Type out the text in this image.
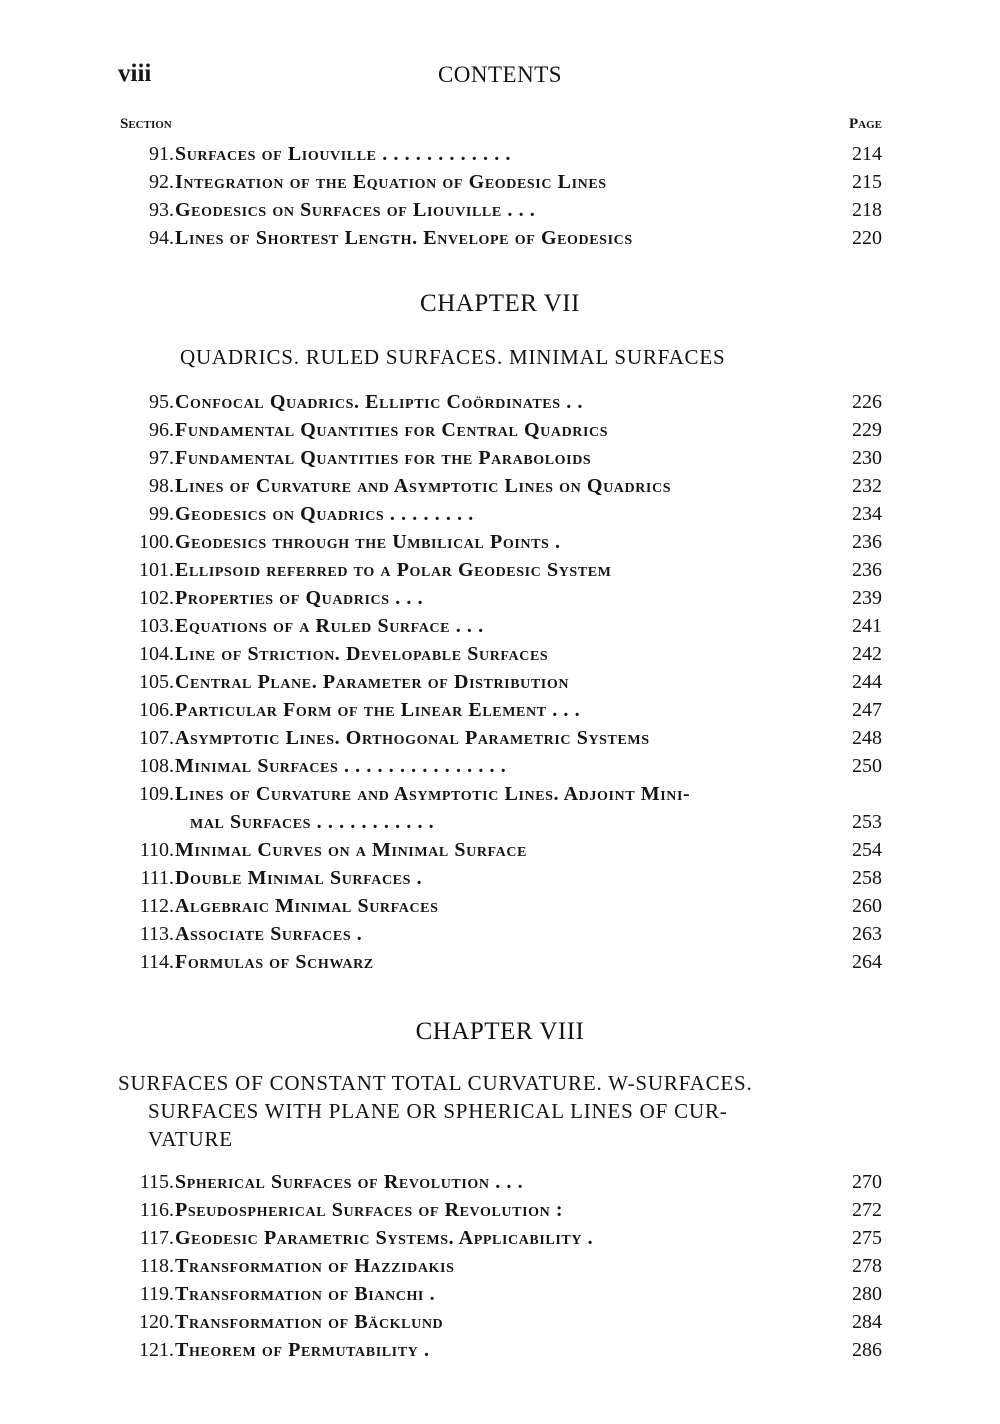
viii	CONTENTS
Section	Page
91. Surfaces of Liouville . . . . . . . . . . . .	214
92. Integration of the Equation of Geodesic Lines	215
93. Geodesics on Surfaces of Liouville . . .	218
94. Lines of Shortest Length. Envelope of Geodesics	220
CHAPTER VII
QUADRICS. RULED SURFACES. MINIMAL SURFACES
95. Confocal Quadrics. Elliptic Coördinates . .	226
96. Fundamental Quantities for Central Quadrics	229
97. Fundamental Quantities for the Paraboloids	230
98. Lines of Curvature and Asymptotic Lines on Quadrics	232
99. Geodesics on Quadrics . . . . . . . .	234
100. Geodesics through the Umbilical Points .	236
101. Ellipsoid referred to a Polar Geodesic System	236
102. Properties of Quadrics . . .	239
103. Equations of a Ruled Surface . . .	241
104. Line of Striction. Developable Surfaces	242
105. Central Plane. Parameter of Distribution	244
106. Particular Form of the Linear Element . . .	247
107. Asymptotic Lines. Orthogonal Parametric Systems	248
108. Minimal Surfaces . . . . . . . . . . . . . . .	250
109. Lines of Curvature and Asymptotic Lines. Adjoint Mini-
mal Surfaces . . . . . . . . . . .	253
110. Minimal Curves on a Minimal Surface	254
111. Double Minimal Surfaces .	258
112. Algebraic Minimal Surfaces	260
113. Associate Surfaces .	263
114. Formulas of Schwarz	264
CHAPTER VIII
SURFACES OF CONSTANT TOTAL CURVATURE. W-SURFACES.
SURFACES WITH PLANE OR SPHERICAL LINES OF CUR-
VATURE
115. Spherical Surfaces of Revolution . . .	270
116. Pseudospherical Surfaces of Revolution :	272
117. Geodesic Parametric Systems. Applicability .	275
118. Transformation of Hazzidakis	278
119. Transformation of Bianchi .	280
120. Transformation of Bäcklund	284
121. Theorem of Permutability .	286
